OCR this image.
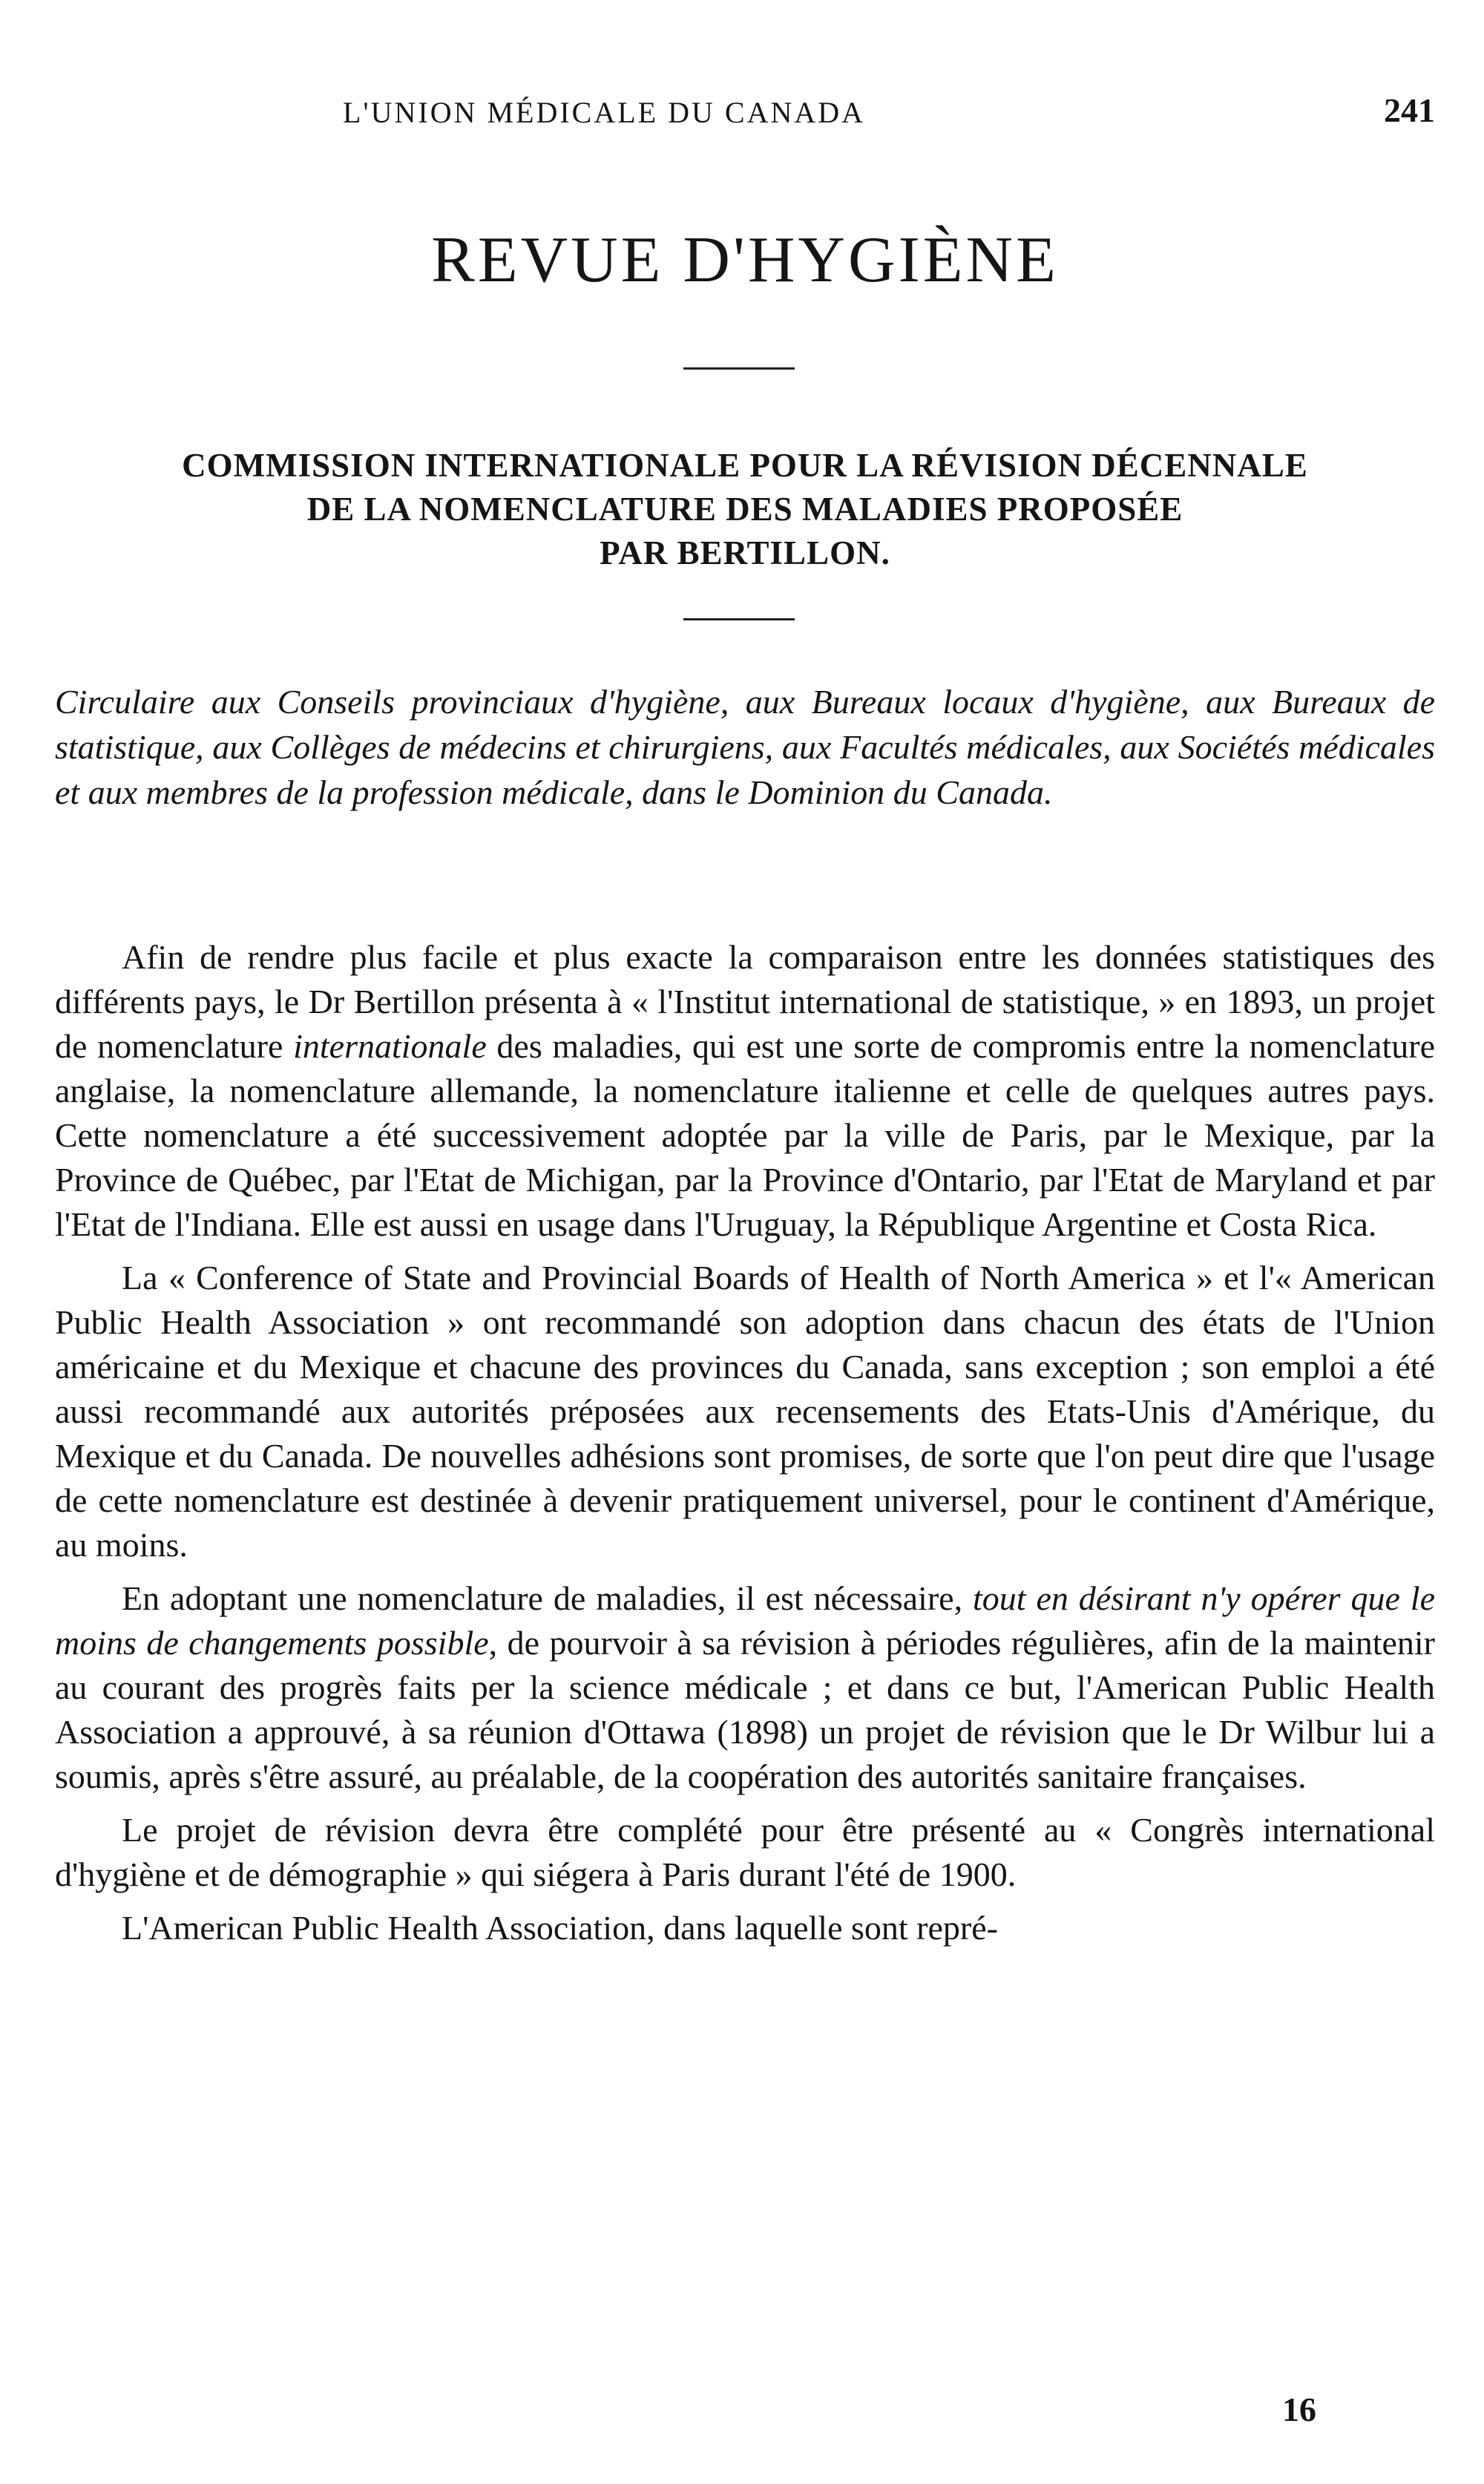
L'UNION MÉDICALE DU CANADA	241
REVUE D'HYGIÈNE
COMMISSION INTERNATIONALE POUR LA RÉVISION DÉCENNALE
DE LA NOMENCLATURE DES MALADIES PROPOSÉE
PAR BERTILLON.

Circulaire aux Conseils provinciaux d'hygiène, aux Bureaux locaux d'hygiène, aux Bureaux de statistique, aux Collèges de médecins et chirurgiens, aux Facultés médicales, aux Sociétés médicales et aux membres de la profession médicale, dans le Dominion du Canada.

Afin de rendre plus facile et plus exacte la comparaison entre les données statistiques des différents pays, le Dr Bertillon présenta à « l'Institut international de statistique, » en 1893, un projet de nomenclature internationale des maladies, qui est une sorte de compromis entre la nomenclature anglaise, la nomenclature allemande, la nomenclature italienne et celle de quelques autres pays. Cette nomenclature a été successivement adoptée par la ville de Paris, par le Mexique, par la Province de Québec, par l'Etat de Michigan, par la Province d'Ontario, par l'Etat de Maryland et par l'Etat de l'Indiana. Elle est aussi en usage dans l'Uruguay, la République Argentine et Costa Rica.

La « Conference of State and Provincial Boards of Health of North America » et l'« American Public Health Association » ont recommandé son adoption dans chacun des états de l'Union américaine et du Mexique et chacune des provinces du Canada, sans exception ; son emploi a été aussi recommandé aux autorités préposées aux recensements des Etats-Unis d'Amérique, du Mexique et du Canada. De nouvelles adhésions sont promises, de sorte que l'on peut dire que l'usage de cette nomenclature est destinée à devenir pratiquement universel, pour le continent d'Amérique, au moins.

En adoptant une nomenclature de maladies, il est nécessaire, tout en désirant n'y opérer que le moins de changements possible, de pourvoir à sa révision à périodes régulières, afin de la maintenir au courant des progrès faits per la science médicale ; et dans ce but, l'American Public Health Association a approuvé, à sa réunion d'Ottawa (1898) un projet de révision que le Dr Wilbur lui a soumis, après s'être assuré, au préalable, de la coopération des autorités sanitaire françaises.

Le projet de révision devra être complété pour être présenté au « Congrès international d'hygiène et de démographie » qui siégera à Paris durant l'été de 1900.

L'American Public Health Association, dans laquelle sont repré-

16
